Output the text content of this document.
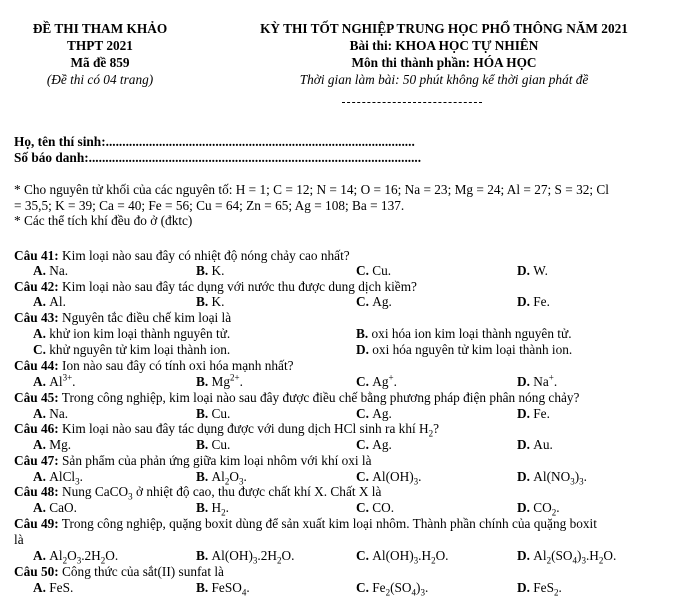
ĐỀ THI THAM KHẢO
THPT 2021
Mã đề 859
(Đề thi có 04 trang)
KỲ THI TỐT NGHIỆP TRUNG HỌC PHỔ THÔNG NĂM 2021
Bài thi: KHOA HỌC TỰ NHIÊN
Môn thi thành phần: HÓA HỌC
Thời gian làm bài: 50 phút không kể thời gian phát đề
Họ, tên thí sinh:.............................................................................................
Số báo danh:....................................................................................................
* Cho nguyên tử khối của các nguyên tố: H = 1; C = 12; N = 14; O = 16; Na = 23; Mg = 24; Al = 27; S = 32; Cl
= 35,5; K = 39; Ca = 40; Fe = 56; Cu = 64; Zn = 65; Ag = 108; Ba = 137.
* Các thể tích khí đều đo ở (đktc)
Câu 41: Kim loại nào sau đây có nhiệt độ nóng chảy cao nhất?
A. Na.	B. K.	C. Cu.	D. W.
Câu 42: Kim loại nào sau đây tác dụng với nước thu được dung dịch kiềm?
A. Al.	B. K.	C. Ag.	D. Fe.
Câu 43: Nguyên tắc điều chế kim loại là
A. khử ion kim loại thành nguyên tử.	B. oxi hóa ion kim loại thành nguyên tử.
C. khử nguyên tử kim loại thành ion.	D. oxi hóa nguyên tử kim loại thành ion.
Câu 44: Ion nào sau đây có tính oxi hóa mạnh nhất?
A. $Al^{3+}$.	B. $Mg^{2+}$.	C. Ag+.	D. Na+.
Câu 45: Trong công nghiệp, kim loại nào sau đây được điều chế bằng phương pháp điện phân nóng chảy?
A. Na.	B. Cu.	C. Ag.	D. Fe.
Câu 46: Kim loại nào sau đây tác dụng được với dung dịch HCl sinh ra khí $H_2$?
A. Mg.	B. Cu.	C. Ag.	D. Au.
Câu 47: Sản phẩm của phản ứng giữa kim loại nhôm với khí oxi là
A. AlCl$_3$.	B. $Al_2O_3$.	C. $Al(OH)_3$.	D. $Al(NO_3)_3$.
Câu 48: Nung CaCO$_3$ ở nhiệt độ cao, thu được chất khí X. Chất X là
A. CaO.	B. $H_2$.	C. CO.	D. $CO_2$.
Câu 49: Trong công nghiệp, quặng boxit dùng để sản xuất kim loại nhôm. Thành phần chính của quặng boxit
là
A. $Al_2O_3.2H_2O$.	B. $Al(OH)_3.2H_2O$.	C. $Al(OH)_3.H_2O$.	D. $Al_2(SO_4)_3.H_2O$.
Câu 50: Công thức của sắt(II) sunfat là
A. FeS.	B. FeSO$_4$.	C. $Fe_2(SO_4)_3$.	D. FeS$_2$.
